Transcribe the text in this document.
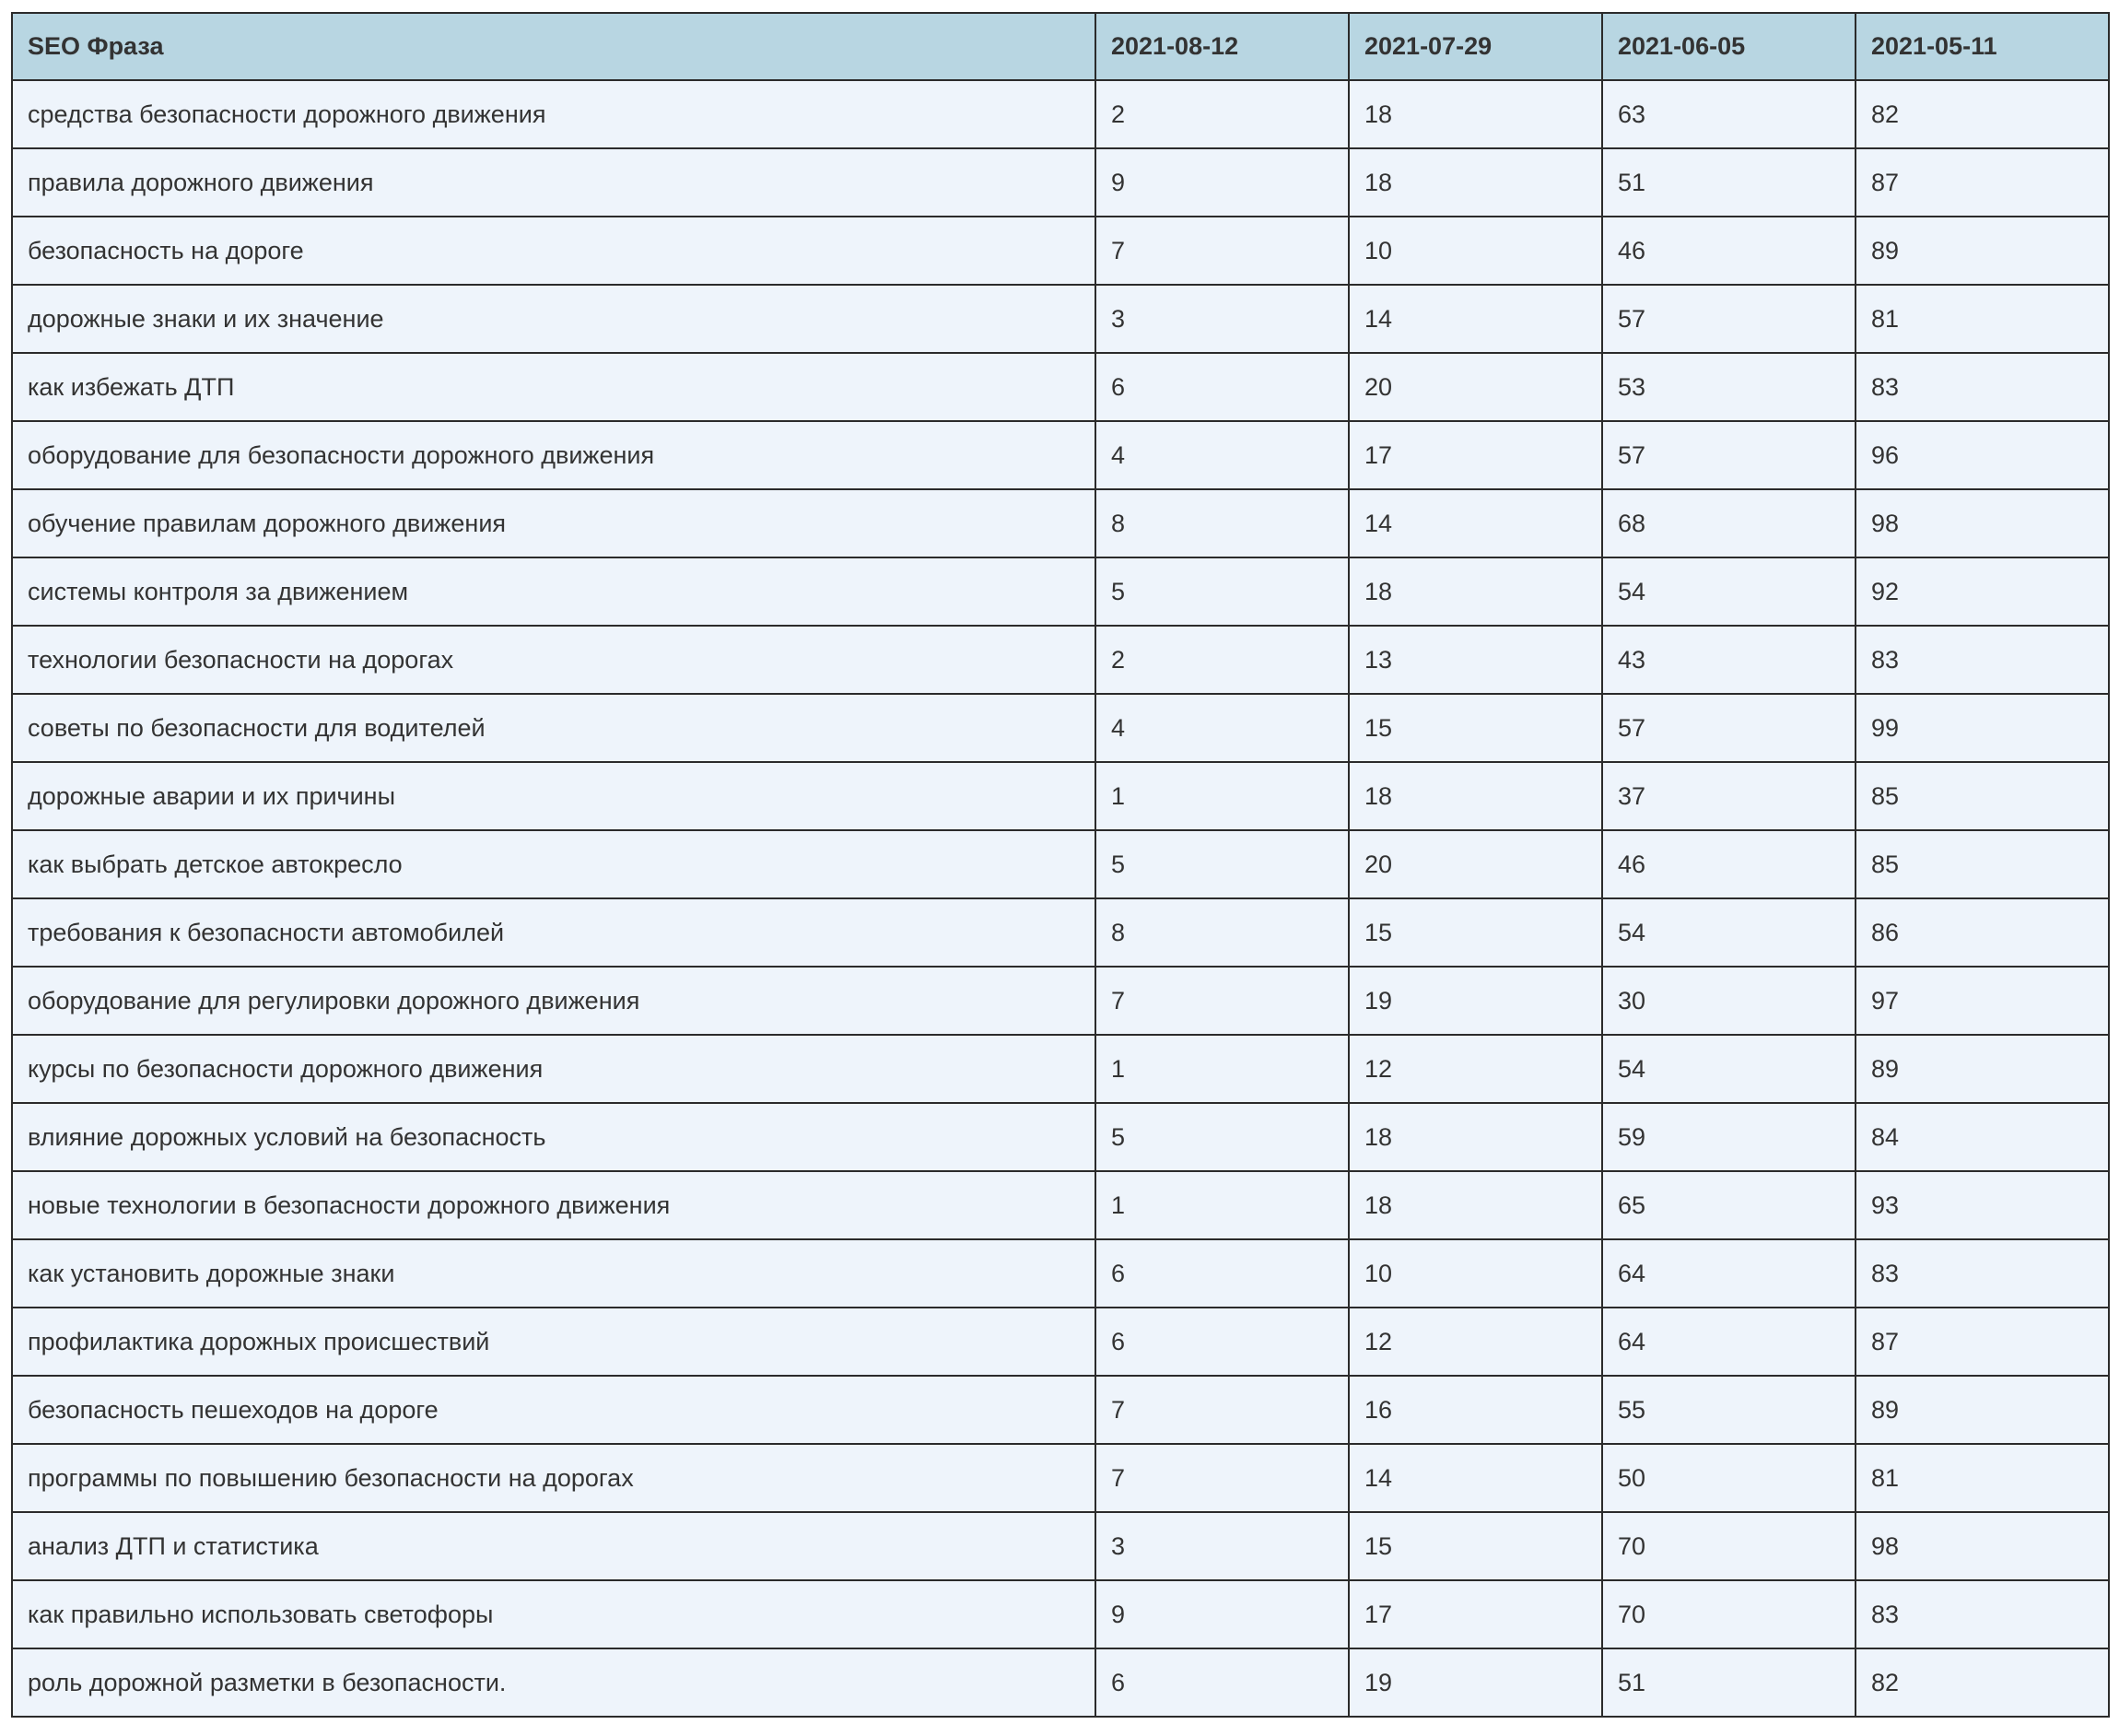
SEO Фраза	2021-08-12	2021-07-29	2021-06-05	2021-05-11
средства безопасности дорожного движения	2	18	63	82
правила дорожного движения	9	18	51	87
безопасность на дороге	7	10	46	89
дорожные знаки и их значение	3	14	57	81
как избежать ДТП	6	20	53	83
оборудование для безопасности дорожного движения	4	17	57	96
обучение правилам дорожного движения	8	14	68	98
системы контроля за движением	5	18	54	92
технологии безопасности на дорогах	2	13	43	83
советы по безопасности для водителей	4	15	57	99
дорожные аварии и их причины	1	18	37	85
как выбрать детское автокресло	5	20	46	85
требования к безопасности автомобилей	8	15	54	86
оборудование для регулировки дорожного движения	7	19	30	97
курсы по безопасности дорожного движения	1	12	54	89
влияние дорожных условий на безопасность	5	18	59	84
новые технологии в безопасности дорожного движения	1	18	65	93
как установить дорожные знаки	6	10	64	83
профилактика дорожных происшествий	6	12	64	87
безопасность пешеходов на дороге	7	16	55	89
программы по повышению безопасности на дорогах	7	14	50	81
анализ ДТП и статистика	3	15	70	98
как правильно использовать светофоры	9	17	70	83
роль дорожной разметки в безопасности.	6	19	51	82
